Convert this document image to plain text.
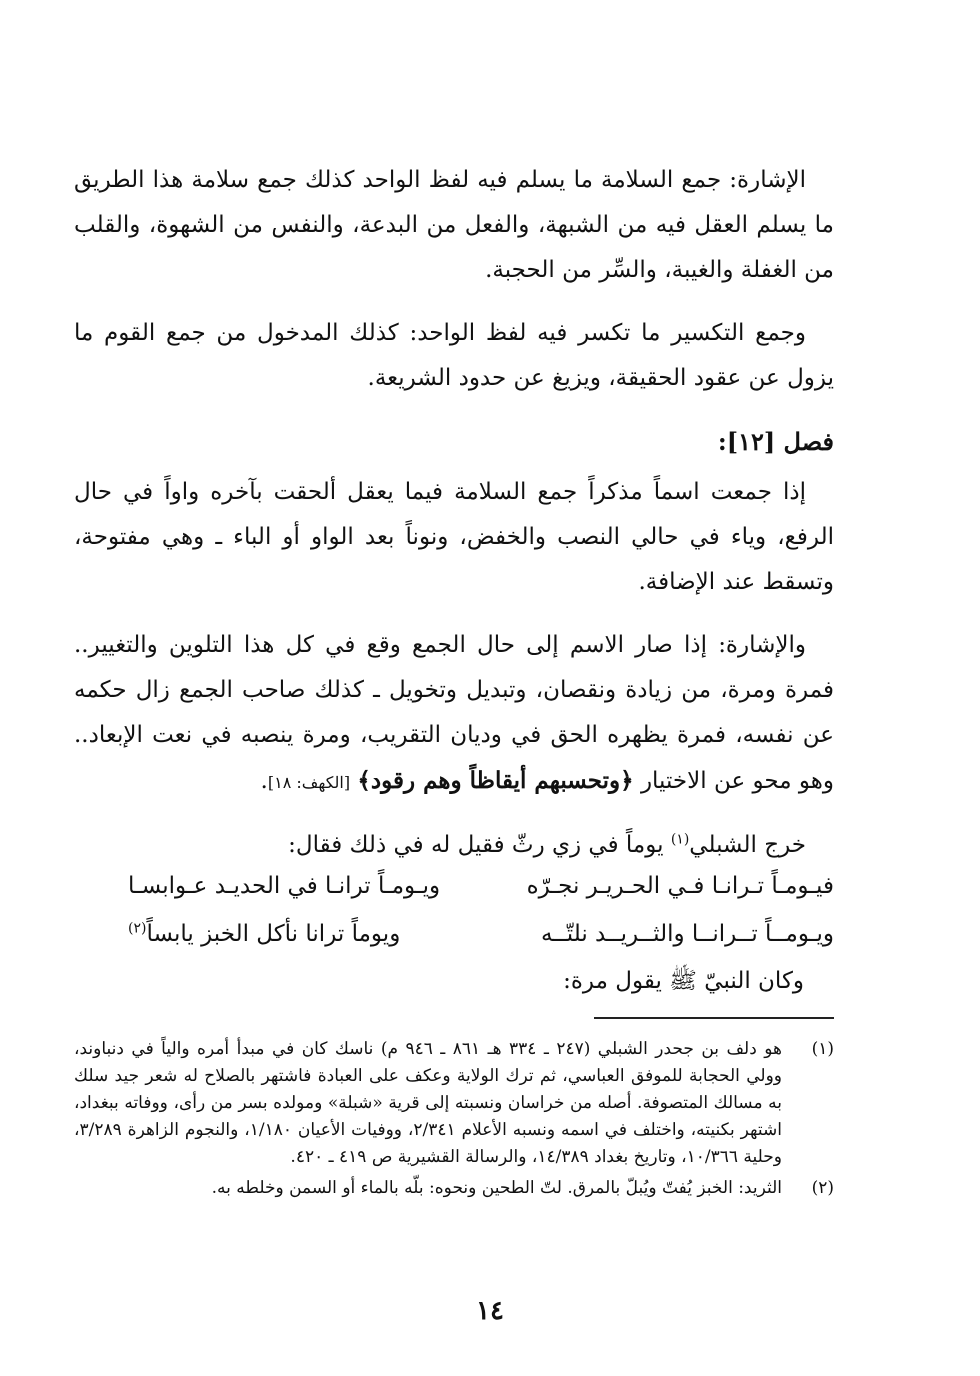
الإشارة: جمع السلامة ما يسلم فيه لفظ الواحد كذلك جمع سلامة هذا الطريق ما يسلم العقل فيه من الشبهة، والفعل من البدعة، والنفس من الشهوة، والقلب من الغفلة والغيبة، والسِّر من الحجبة.

وجمع التكسير ما تكسر فيه لفظ الواحد: كذلك المدخول من جمع القوم ما يزول عن عقود الحقيقة، ويزيغ عن حدود الشريعة.

فصل [١٢]:

إذا جمعت اسماً مذكراً جمع السلامة فيما يعقل ألحقت بآخره واواً في حال الرفع، وياء في حالي النصب والخفض، ونوناً بعد الواو أو الباء ـ وهي مفتوحة، وتسقط عند الإضافة.

والإشارة: إذا صار الاسم إلى حال الجمع وقع في كل هذا التلوين والتغيير.. فمرة ومرة، من زيادة ونقصان، وتبديل وتخويل ـ كذلك صاحب الجمع زال حكمه عن نفسه، فمرة يظهره الحق في وديان التقريب، ومرة ينصبه في نعت الإبعاد.. وهو محو عن الاختيار ﴿وتحسبهم أيقاظاً وهم رقود﴾ [الكهف: ١٨].

خرج الشبلي$^{(١)}$ يوماً في زي رثّ فقيل له في ذلك فقال:

فيـومـاً تـرانـا فـي الحـريـر نجـرّه
ويـومـاً ترانـا في الحديـد عـوابسـا
ويـومــاً تــرانــا والثــريــد نلتّــه
ويوماً ترانا نأكل الخبز يابساً$^{(٢)}$
وكان النبيّ ﷺ يقول مرة:
(١)
هو دلف بن جحدر الشبلي (٢٤٧ ـ ٣٣٤ هـ ٨٦١ ـ ٩٤٦ م) ناسك كان في مبدأ أمره والياً في دنباوند، وولي الحجابة للموفق العباسي، ثم ترك الولاية وعكف على العبادة فاشتهر بالصلاح له شعر جيد سلك به مسالك المتصوفة. أصله من خراسان ونسبته إلى قرية «شبلة» ومولده بسر من رأى، ووفاته ببغداد، اشتهر بكنيته، واختلف في اسمه ونسبه الأعلام ٢/٣٤١، ووفيات الأعيان ١/١٨٠، والنجوم الزاهرة ٣/٢٨٩، وحلية ١٠/٣٦٦، وتاريخ بغداد ١٤/٣٨٩، والرسالة القشيرية ص ٤١٩ ـ ٤٢٠.
(٢)
الثريد: الخبز يُفتّ ويُبلّ بالمرق. لتّ الطحين ونحوه: بلّه بالماء أو السمن وخلطه به.
١٤
